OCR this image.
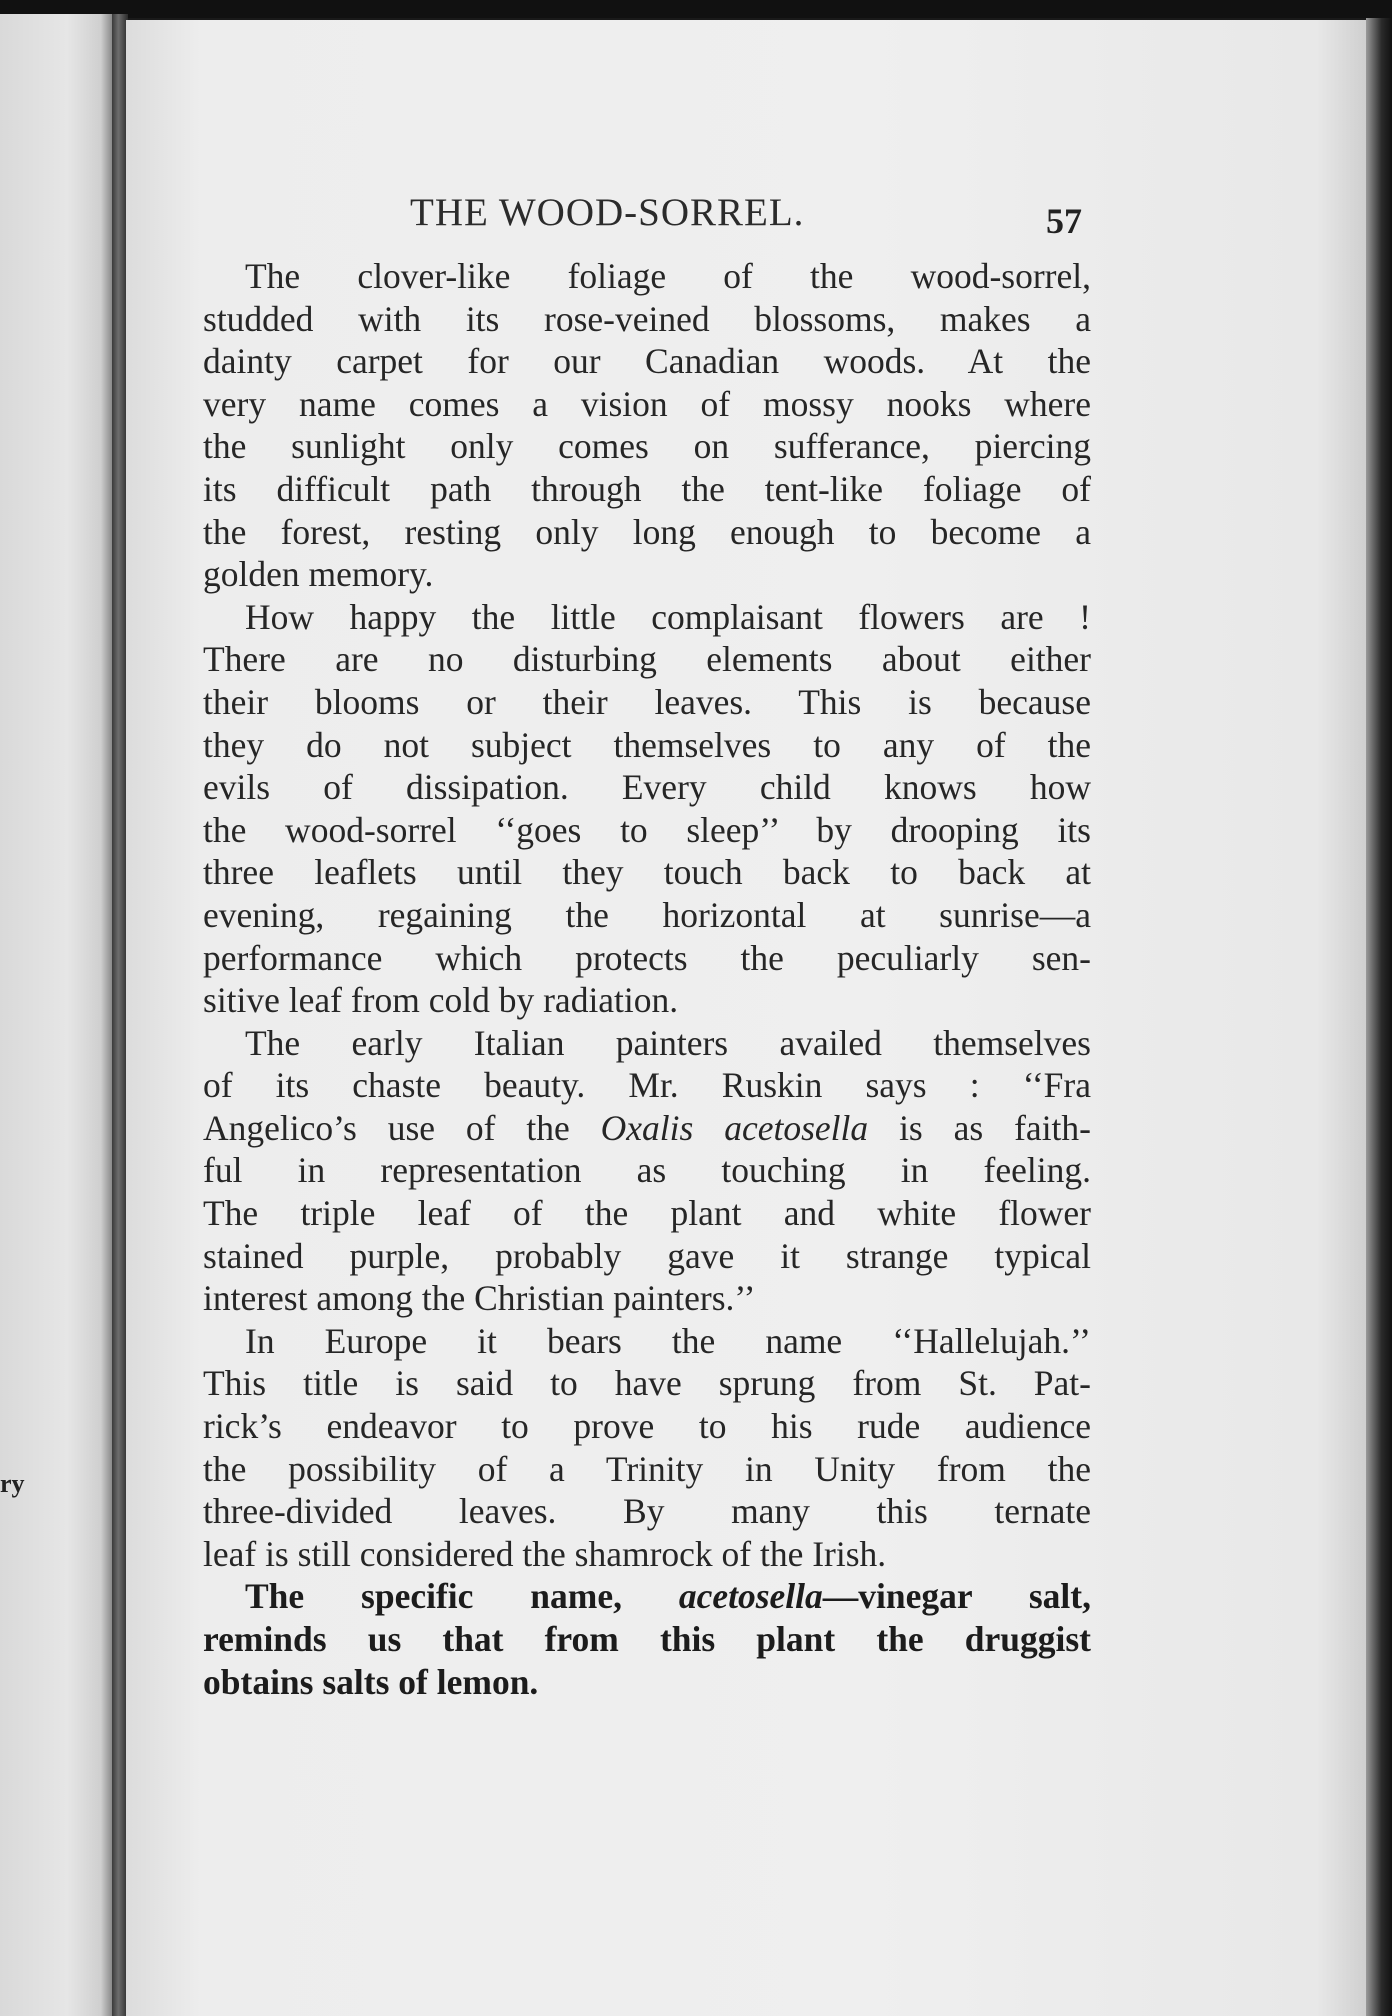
ry
THE WOOD-SORREL.	57
The clover-like foliage of the wood-sorrel,
studded with its rose-veined blossoms, makes a
dainty carpet for our Canadian woods. At the
very name comes a vision of mossy nooks where
the sunlight only comes on sufferance, piercing
its difficult path through the tent-like foliage of
the forest, resting only long enough to become a
golden memory.
How happy the little complaisant flowers are !
There are no disturbing elements about either
their blooms or their leaves. This is because
they do not subject themselves to any of the
evils of dissipation. Every child knows how
the wood-sorrel ‘‘goes to sleep’’ by drooping its
three leaflets until they touch back to back at
evening, regaining the horizontal at sunrise—a
performance which protects the peculiarly sen-
sitive leaf from cold by radiation.
The early Italian painters availed themselves
of its chaste beauty. Mr. Ruskin says : ‘‘Fra
Angelico’s use of the Oxalis acetosella is as faith-
ful in representation as touching in feeling.
The triple leaf of the plant and white flower
stained purple, probably gave it strange typical
interest among the Christian painters.’’
In Europe it bears the name ‘‘Hallelujah.’’
This title is said to have sprung from St. Pat-
rick’s endeavor to prove to his rude audience
the possibility of a Trinity in Unity from the
three-divided leaves. By many this ternate
leaf is still considered the shamrock of the Irish.
The specific name, acetosella—vinegar salt,
reminds us that from this plant the druggist
obtains salts of lemon.
